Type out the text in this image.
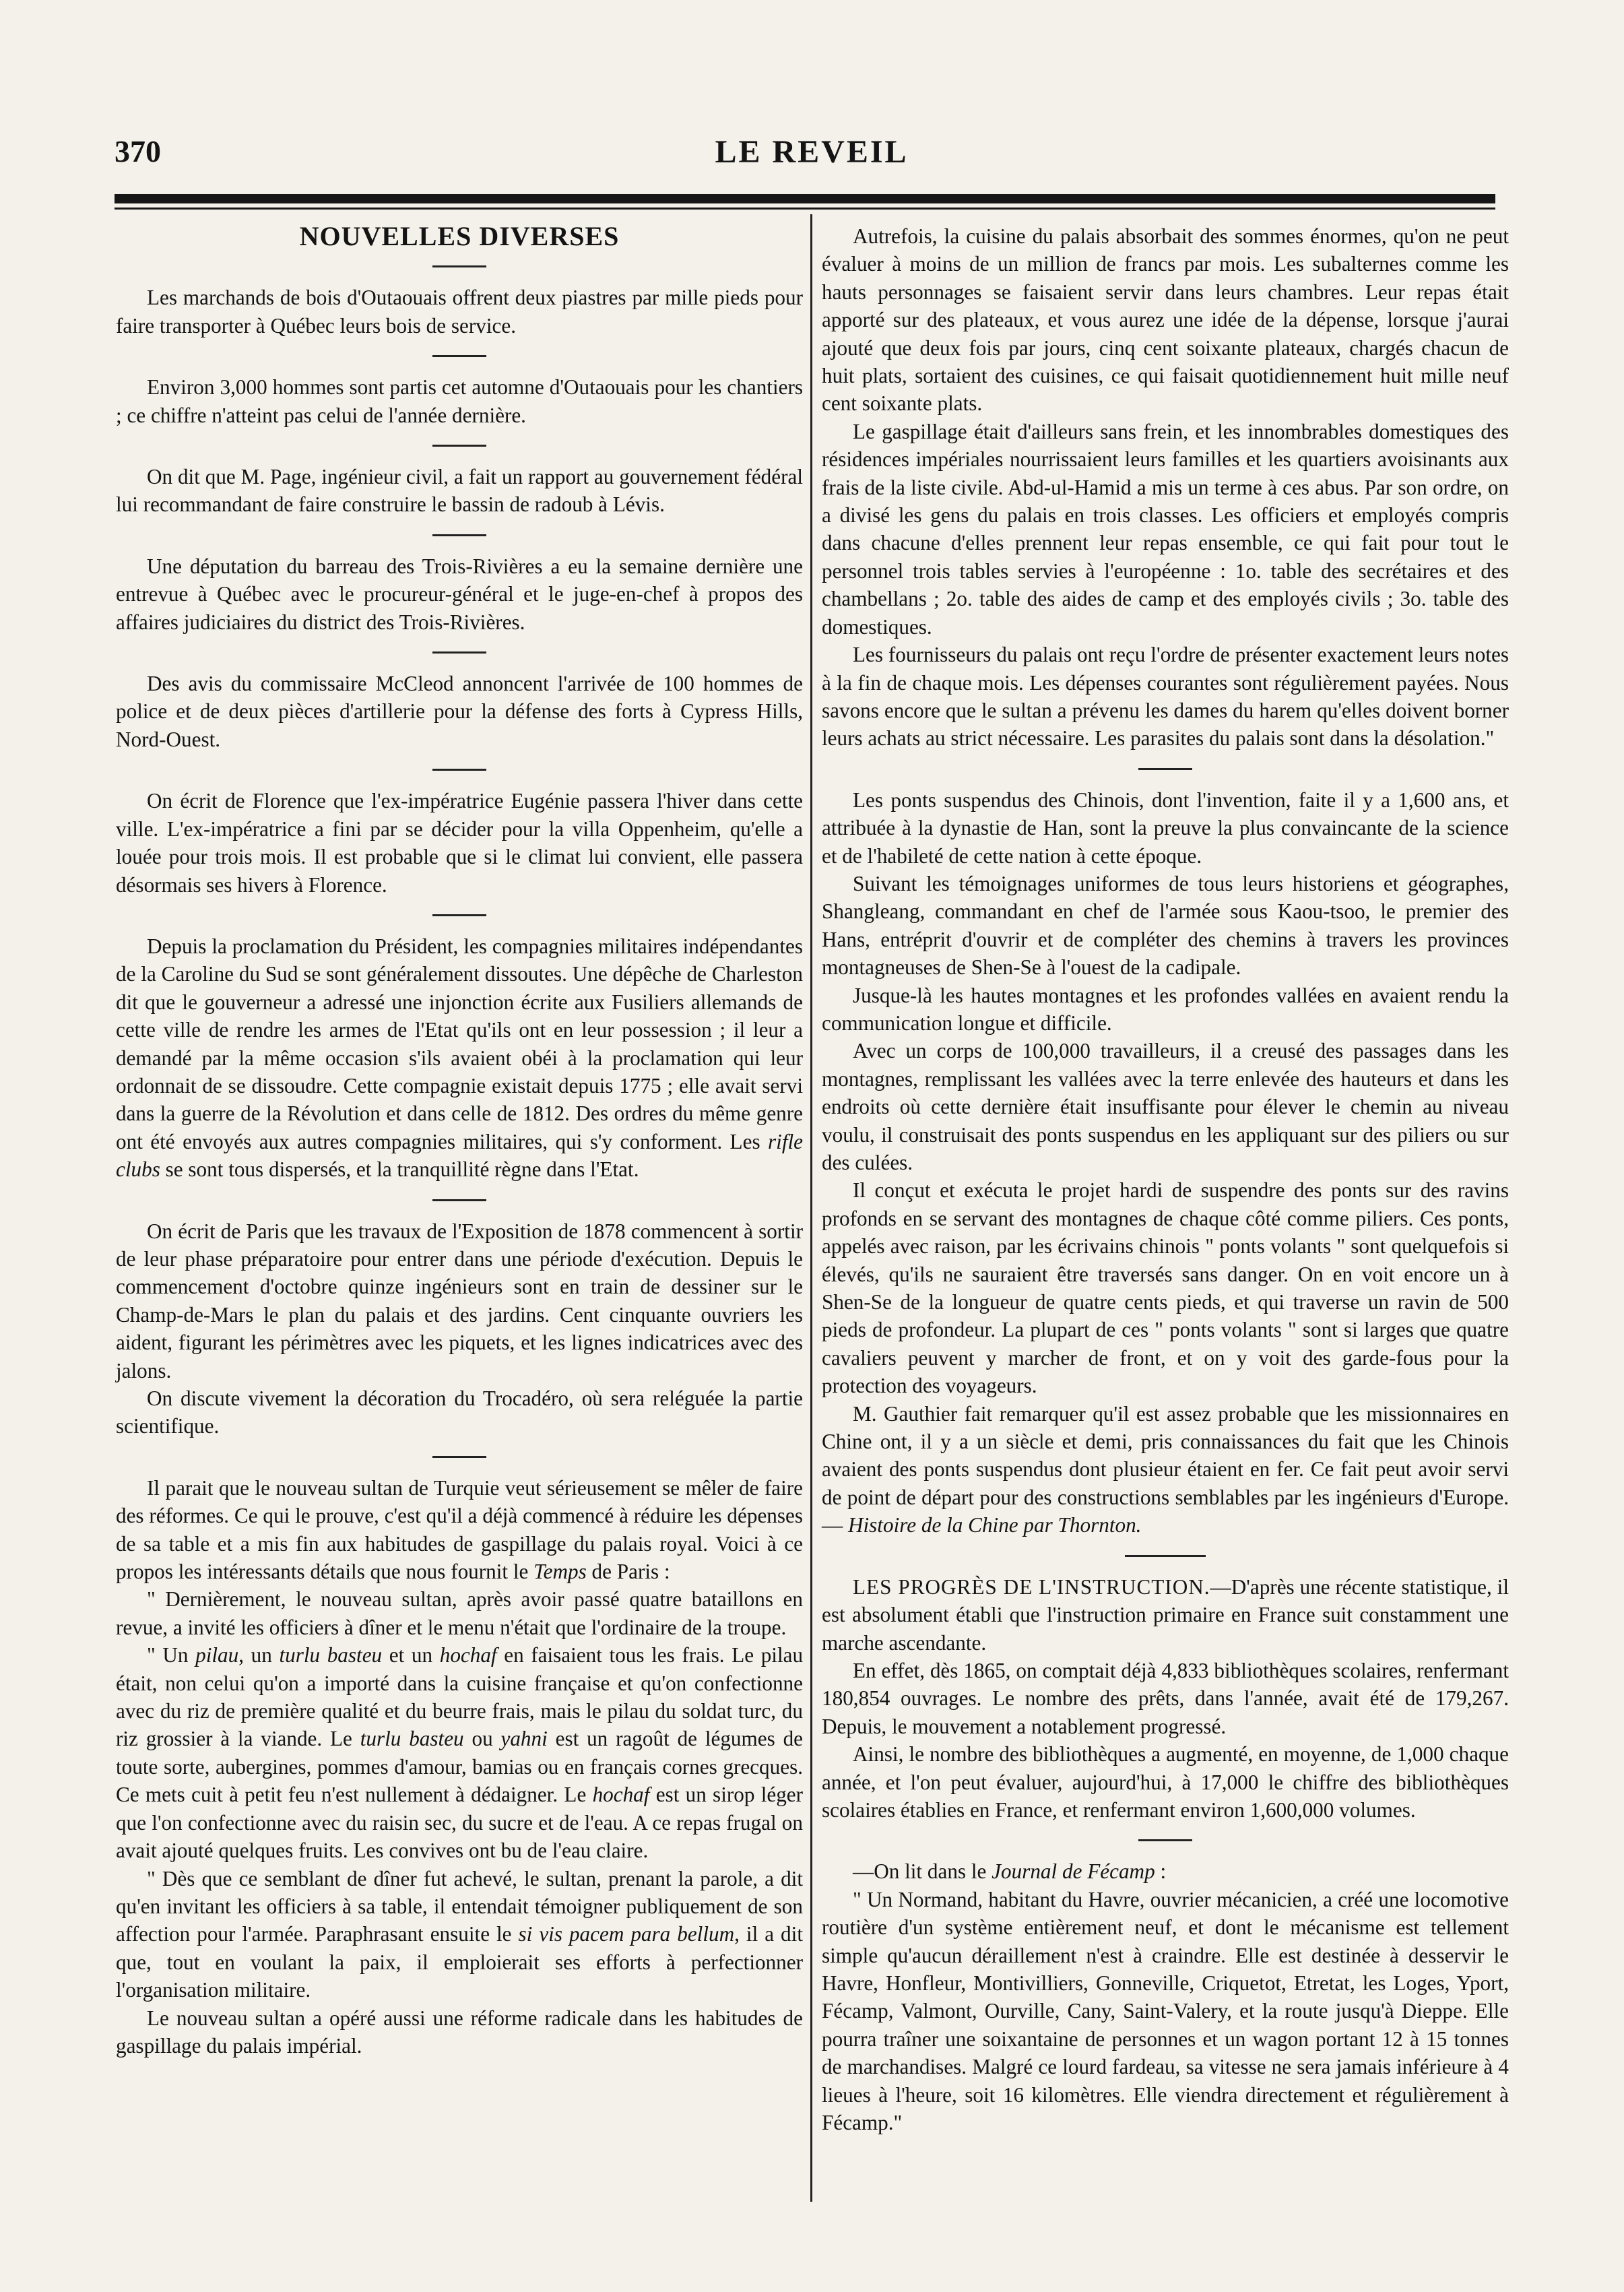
370	LE REVEIL
NOUVELLES DIVERSES

Les marchands de bois d'Outaouais offrent deux piastres par mille pieds pour faire transporter à Québec leurs bois de service.

Environ 3,000 hommes sont partis cet automne d'Outaouais pour les chantiers ; ce chiffre n'atteint pas celui de l'année dernière.

On dit que M. Page, ingénieur civil, a fait un rapport au gouvernement fédéral lui recommandant de faire construire le bassin de radoub à Lévis.

Une députation du barreau des Trois-Rivières a eu la semaine dernière une entrevue à Québec avec le procureur-général et le juge-en-chef à propos des affaires judiciaires du district des Trois-Rivières.

Des avis du commissaire McCleod annoncent l'arrivée de 100 hommes de police et de deux pièces d'artillerie pour la défense des forts à Cypress Hills, Nord-Ouest.

On écrit de Florence que l'ex-impératrice Eugénie passera l'hiver dans cette ville. L'ex-impératrice a fini par se décider pour la villa Oppenheim, qu'elle a louée pour trois mois. Il est probable que si le climat lui convient, elle passera désormais ses hivers à Florence.

Depuis la proclamation du Président, les compagnies militaires indépendantes de la Caroline du Sud se sont généralement dissoutes. Une dépêche de Charleston dit que le gouverneur a adressé une injonction écrite aux Fusiliers allemands de cette ville de rendre les armes de l'Etat qu'ils ont en leur possession ; il leur a demandé par la même occasion s'ils avaient obéi à la proclamation qui leur ordonnait de se dissoudre. Cette compagnie existait depuis 1775 ; elle avait servi dans la guerre de la Révolution et dans celle de 1812. Des ordres du même genre ont été envoyés aux autres compagnies militaires, qui s'y conforment. Les rifle clubs se sont tous dispersés, et la tranquillité règne dans l'Etat.

On écrit de Paris que les travaux de l'Exposition de 1878 commencent à sortir de leur phase préparatoire pour entrer dans une période d'exécution. Depuis le commencement d'octobre quinze ingénieurs sont en train de dessiner sur le Champ-de-Mars le plan du palais et des jardins. Cent cinquante ouvriers les aident, figurant les périmètres avec les piquets, et les lignes indicatrices avec des jalons.

On discute vivement la décoration du Trocadéro, où sera reléguée la partie scientifique.

Il parait que le nouveau sultan de Turquie veut sérieusement se mêler de faire des réformes. Ce qui le prouve, c'est qu'il a déjà commencé à réduire les dépenses de sa table et a mis fin aux habitudes de gaspillage du palais royal. Voici à ce propos les intéressants détails que nous fournit le Temps de Paris :

" Dernièrement, le nouveau sultan, après avoir passé quatre bataillons en revue, a invité les officiers à dîner et le menu n'était que l'ordinaire de la troupe.

" Un pilau, un turlu basteu et un hochaf en faisaient tous les frais. Le pilau était, non celui qu'on a importé dans la cuisine française et qu'on confectionne avec du riz de première qualité et du beurre frais, mais le pilau du soldat turc, du riz grossier à la viande. Le turlu basteu ou yahni est un ragoût de légumes de toute sorte, aubergines, pommes d'amour, bamias ou en français cornes grecques. Ce mets cuit à petit feu n'est nullement à dédaigner. Le hochaf est un sirop léger que l'on confectionne avec du raisin sec, du sucre et de l'eau. A ce repas frugal on avait ajouté quelques fruits. Les convives ont bu de l'eau claire.

" Dès que ce semblant de dîner fut achevé, le sultan, prenant la parole, a dit qu'en invitant les officiers à sa table, il entendait témoigner publiquement de son affection pour l'armée. Paraphrasant ensuite le si vis pacem para bellum, il a dit que, tout en voulant la paix, il emploierait ses efforts à perfectionner l'organisation militaire.

Le nouveau sultan a opéré aussi une réforme radicale dans les habitudes de gaspillage du palais impérial.

Autrefois, la cuisine du palais absorbait des sommes énormes, qu'on ne peut évaluer à moins de un million de francs par mois. Les subalternes comme les hauts personnages se faisaient servir dans leurs chambres. Leur repas était apporté sur des plateaux, et vous aurez une idée de la dépense, lorsque j'aurai ajouté que deux fois par jours, cinq cent soixante plateaux, chargés chacun de huit plats, sortaient des cuisines, ce qui faisait quotidiennement huit mille neuf cent soixante plats.

Le gaspillage était d'ailleurs sans frein, et les innombrables domestiques des résidences impériales nourrissaient leurs familles et les quartiers avoisinants aux frais de la liste civile. Abd-ul-Hamid a mis un terme à ces abus. Par son ordre, on a divisé les gens du palais en trois classes. Les officiers et employés compris dans chacune d'elles prennent leur repas ensemble, ce qui fait pour tout le personnel trois tables servies à l'européenne : 1o. table des secrétaires et des chambellans ; 2o. table des aides de camp et des employés civils ; 3o. table des domestiques.

Les fournisseurs du palais ont reçu l'ordre de présenter exactement leurs notes à la fin de chaque mois. Les dépenses courantes sont régulièrement payées. Nous savons encore que le sultan a prévenu les dames du harem qu'elles doivent borner leurs achats au strict nécessaire. Les parasites du palais sont dans la désolation."

Les ponts suspendus des Chinois, dont l'invention, faite il y a 1,600 ans, et attribuée à la dynastie de Han, sont la preuve la plus convaincante de la science et de l'habileté de cette nation à cette époque.

Suivant les témoignages uniformes de tous leurs historiens et géographes, Shangleang, commandant en chef de l'armée sous Kaou-tsoo, le premier des Hans, entréprit d'ouvrir et de compléter des chemins à travers les provinces montagneuses de Shen-Se à l'ouest de la cadipale.

Jusque-là les hautes montagnes et les profondes vallées en avaient rendu la communication longue et difficile.

Avec un corps de 100,000 travailleurs, il a creusé des passages dans les montagnes, remplissant les vallées avec la terre enlevée des hauteurs et dans les endroits où cette dernière était insuffisante pour élever le chemin au niveau voulu, il construisait des ponts suspendus en les appliquant sur des piliers ou sur des culées.

Il conçut et exécuta le projet hardi de suspendre des ponts sur des ravins profonds en se servant des montagnes de chaque côté comme piliers. Ces ponts, appelés avec raison, par les écrivains chinois " ponts volants " sont quelquefois si élevés, qu'ils ne sauraient être traversés sans danger. On en voit encore un à Shen-Se de la longueur de quatre cents pieds, et qui traverse un ravin de 500 pieds de profondeur. La plupart de ces " ponts volants " sont si larges que quatre cavaliers peuvent y marcher de front, et on y voit des garde-fous pour la protection des voyageurs.

M. Gauthier fait remarquer qu'il est assez probable que les missionnaires en Chine ont, il y a un siècle et demi, pris connaissances du fait que les Chinois avaient des ponts suspendus dont plusieur étaient en fer. Ce fait peut avoir servi de point de départ pour des constructions semblables par les ingénieurs d'Europe.— Histoire de la Chine par Thornton.

LES PROGRÈS DE L'INSTRUCTION.—D'après une récente statistique, il est absolument établi que l'instruction primaire en France suit constamment une marche ascendante.

En effet, dès 1865, on comptait déjà 4,833 bibliothèques scolaires, renfermant 180,854 ouvrages. Le nombre des prêts, dans l'année, avait été de 179,267. Depuis, le mouvement a notablement progressé.

Ainsi, le nombre des bibliothèques a augmenté, en moyenne, de 1,000 chaque année, et l'on peut évaluer, aujourd'hui, à 17,000 le chiffre des bibliothèques scolaires établies en France, et renfermant environ 1,600,000 volumes.

—On lit dans le Journal de Fécamp :

" Un Normand, habitant du Havre, ouvrier mécanicien, a créé une locomotive routière d'un système entièrement neuf, et dont le mécanisme est tellement simple qu'aucun déraillement n'est à craindre. Elle est destinée à desservir le Havre, Honfleur, Montivilliers, Gonneville, Criquetot, Etretat, les Loges, Yport, Fécamp, Valmont, Ourville, Cany, Saint-Valery, et la route jusqu'à Dieppe. Elle pourra traîner une soixantaine de personnes et un wagon portant 12 à 15 tonnes de marchandises. Malgré ce lourd fardeau, sa vitesse ne sera jamais inférieure à 4 lieues à l'heure, soit 16 kilomètres. Elle viendra directement et régulièrement à Fécamp."
